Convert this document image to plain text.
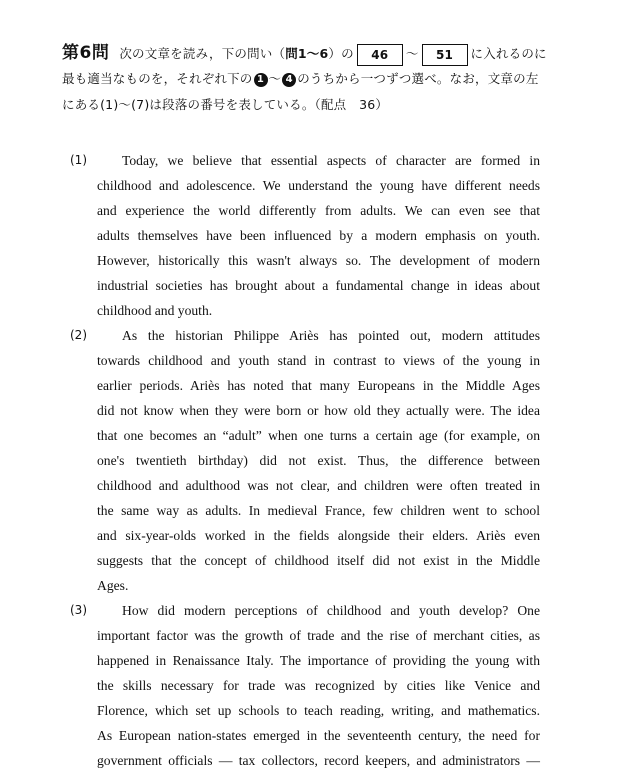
第6問 次の文章を読み，下の問い（問1～6）の 46 ～ 51 に入れるのに
最も適当なものを，それぞれ下の 1 ～ 4 のうちから一つずつ選べ。なお，文章の左
にある(1)～(7)は段落の番号を表している。（配点　36）
(1)	Today, we believe that essential aspects of character are formed in
childhood and adolescence. We understand the young have different needs
and experience the world differently from adults. We can even see that
adults themselves have been influenced by a modern emphasis on youth.
However, historically this wasn't always so. The development of modern
industrial societies has brought about a fundamental change in ideas about
childhood and youth.
(2)	As the historian Philippe Ariès has pointed out, modern attitudes
towards childhood and youth stand in contrast to views of the young in
earlier periods. Ariès has noted that many Europeans in the Middle Ages
did not know when they were born or how old they actually were. The idea
that one becomes an “adult” when one turns a certain age (for example, on
one's twentieth birthday) did not exist. Thus, the difference between
childhood and adulthood was not clear, and children were often treated in
the same way as adults. In medieval France, few children went to school
and six-year-olds worked in the fields alongside their elders. Ariès even
suggests that the concept of childhood itself did not exist in the Middle
Ages.
(3)	How did modern perceptions of childhood and youth develop? One
important factor was the growth of trade and the rise of merchant cities, as
happened in Renaissance Italy. The importance of providing the young with
the skills necessary for trade was recognized by cities like Venice and
Florence, which set up schools to teach reading, writing, and mathematics.
As European nation-states emerged in the seventeenth century, the need for
government officials — tax collectors, record keepers, and administrators —
